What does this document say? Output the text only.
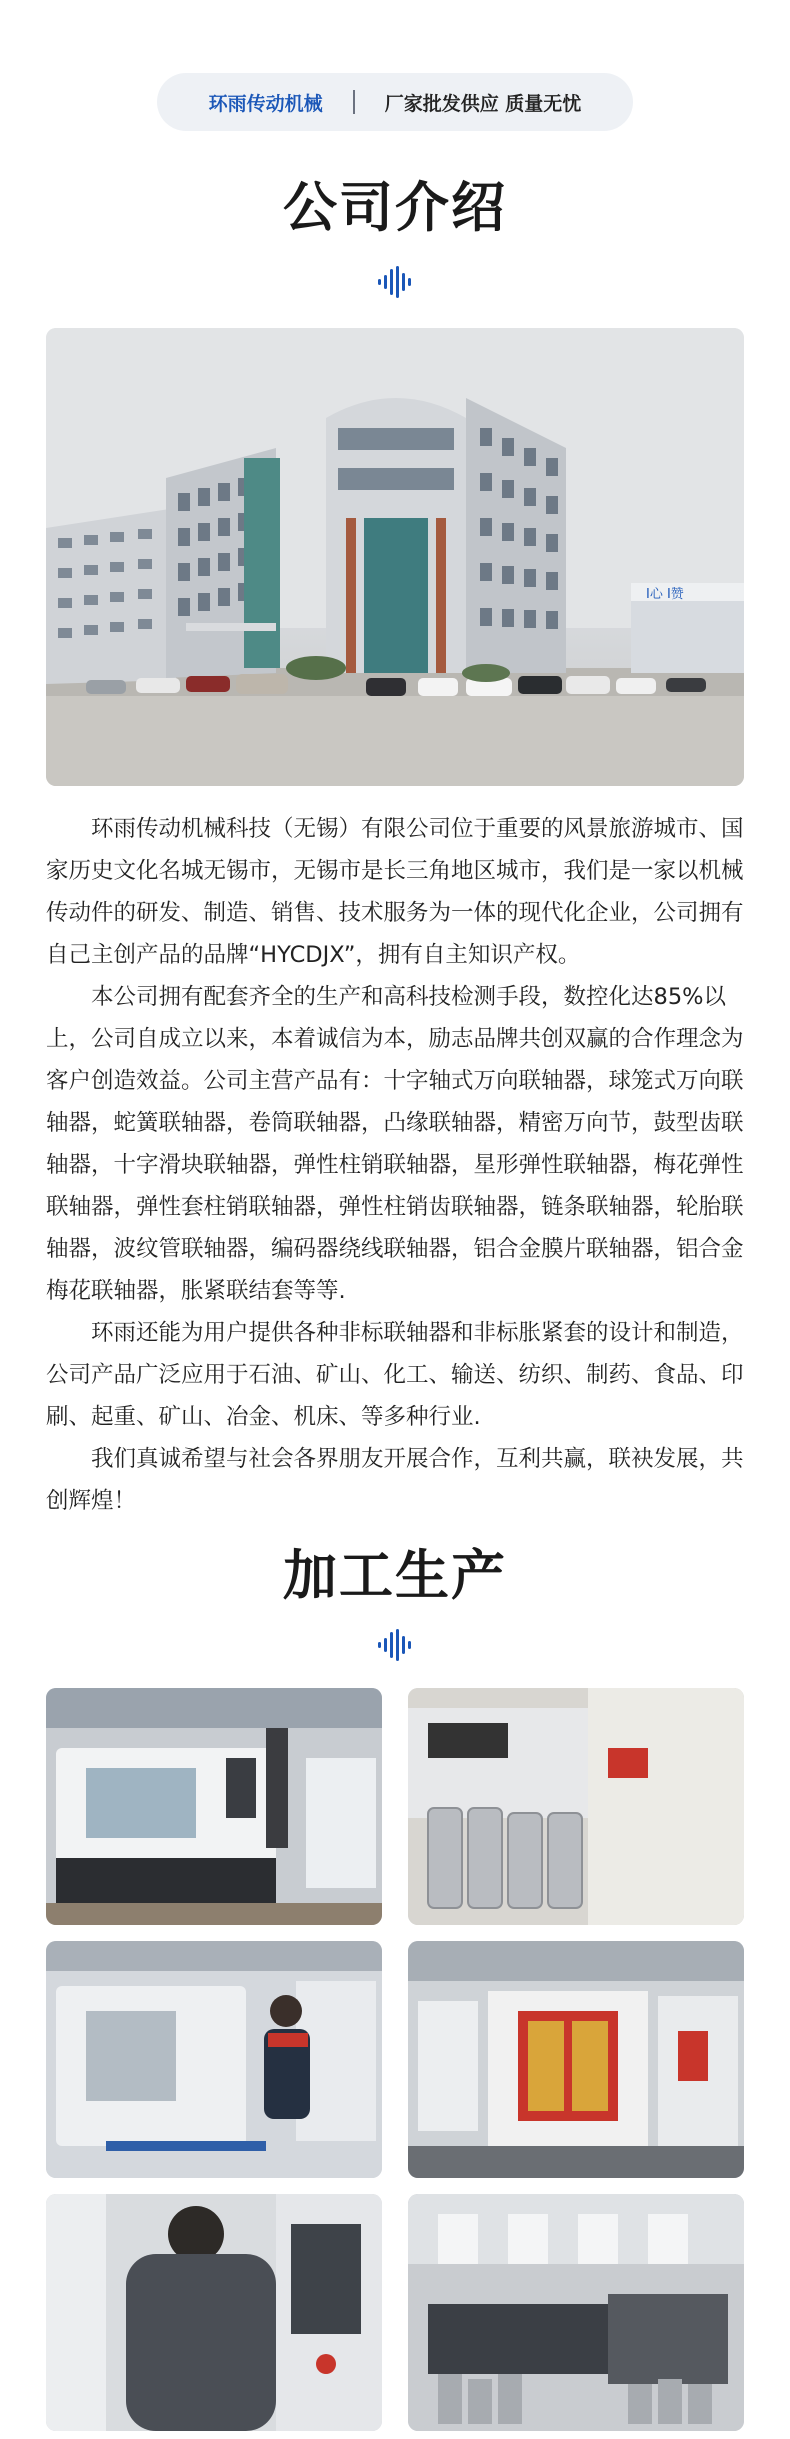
环雨传动机械	厂家批发供应 质量无忧
公司介绍
Ⅰ心 Ⅰ赞

环雨传动机械科技（无锡）有限公司位于重要的风景旅游城市、国家历史文化名城无锡市，无锡市是长三角地区城市，我们是一家以机械传动件的研发、制造、销售、技术服务为一体的现代化企业，公司拥有自己主创产品的品牌“HYCDJX”，拥有自主知识产权。

本公司拥有配套齐全的生产和高科技检测手段，数控化达85%以上，公司自成立以来，本着诚信为本，励志品牌共创双赢的合作理念为客户创造效益。公司主营产品有：十字轴式万向联轴器，球笼式万向联轴器，蛇簧联轴器，卷筒联轴器，凸缘联轴器，精密万向节，鼓型齿联轴器，十字滑块联轴器，弹性柱销联轴器，星形弹性联轴器，梅花弹性联轴器，弹性套柱销联轴器，弹性柱销齿联轴器，链条联轴器，轮胎联轴器，波纹管联轴器，编码器绕线联轴器，铝合金膜片联轴器，铝合金梅花联轴器，胀紧联结套等等.

环雨还能为用户提供各种非标联轴器和非标胀紧套的设计和制造，公司产品广泛应用于石油、矿山、化工、输送、纺织、制药、食品、印刷、起重、矿山、冶金、机床、等多种行业.

我们真诚希望与社会各界朋友开展合作，互利共赢，联袂发展，共创辉煌！

加工生产
